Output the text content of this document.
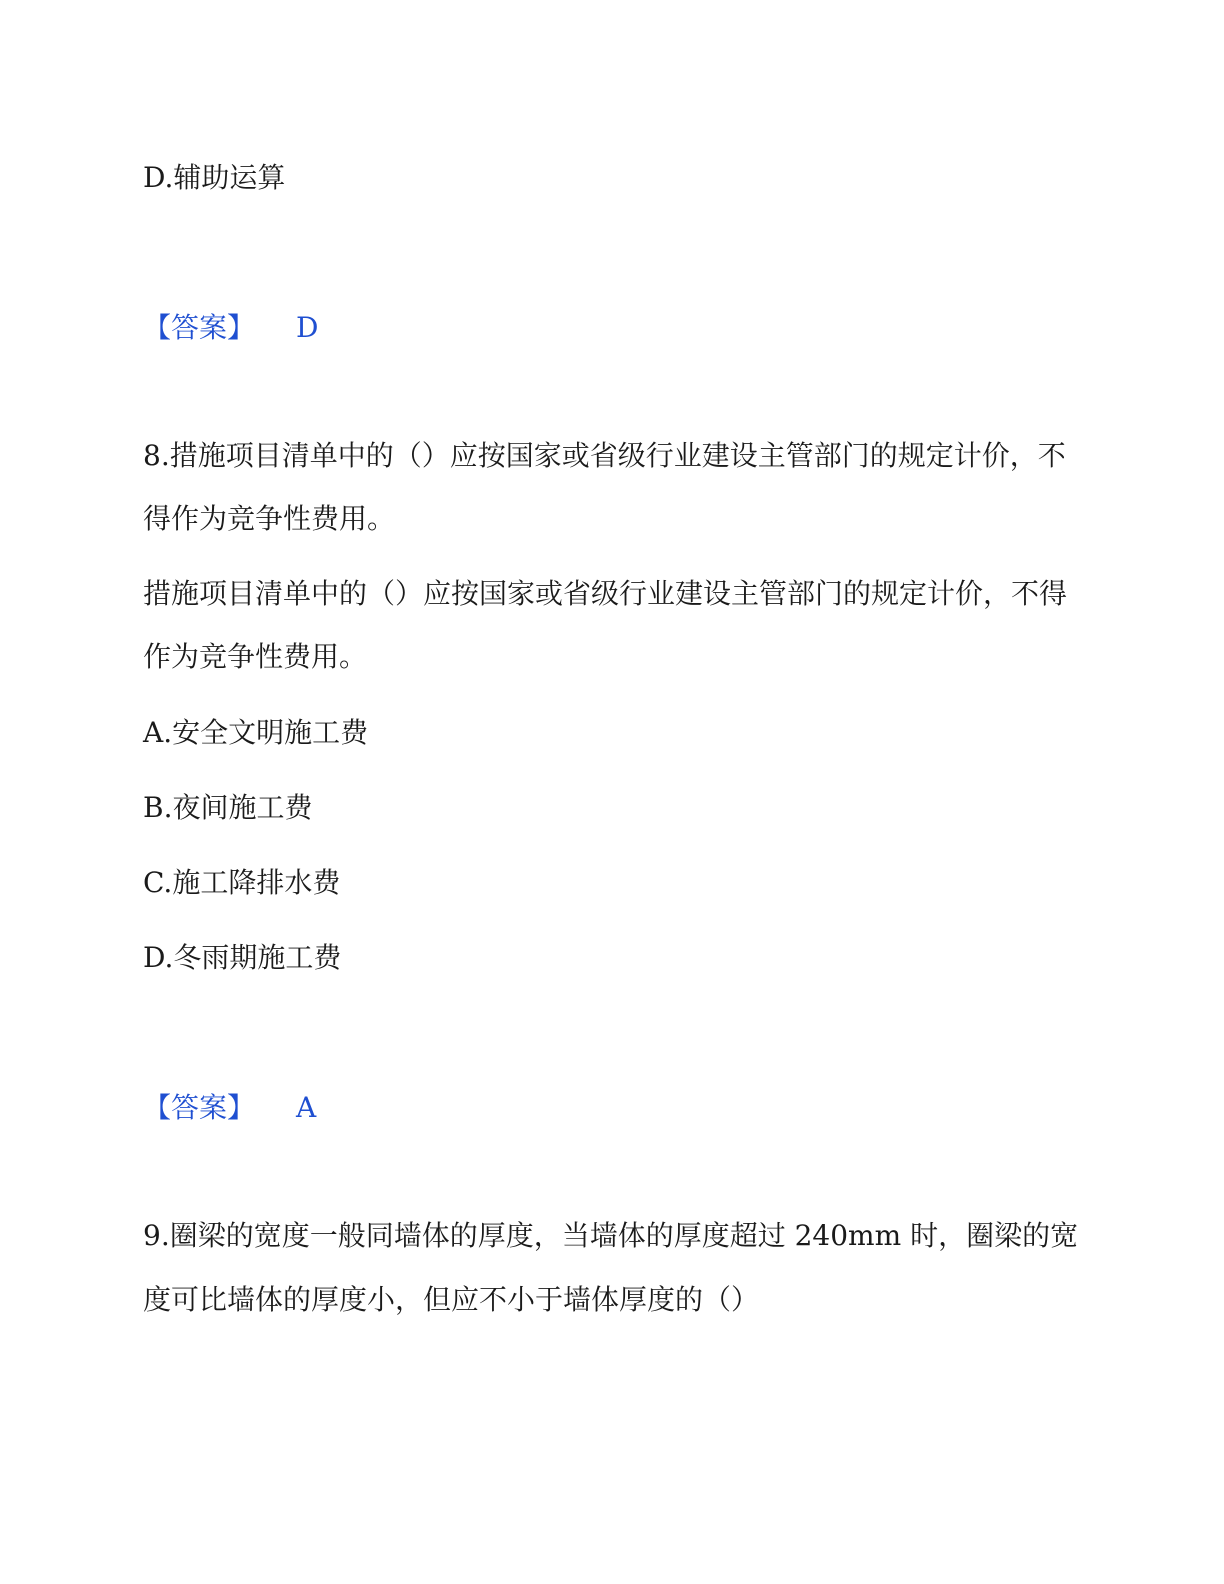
D.辅助运算
【答案】 D
8.措施项目清单中的（）应按国家或省级行业建设主管部门的规定计价，不
得作为竞争性费用。
措施项目清单中的（）应按国家或省级行业建设主管部门的规定计价，不得
作为竞争性费用。
A.安全文明施工费
B.夜间施工费
C.施工降排水费
D.冬雨期施工费
【答案】 A
9.圈梁的宽度一般同墙体的厚度，当墙体的厚度超过 240mm 时，圈梁的宽
度可比墙体的厚度小，但应不小于墙体厚度的（）
